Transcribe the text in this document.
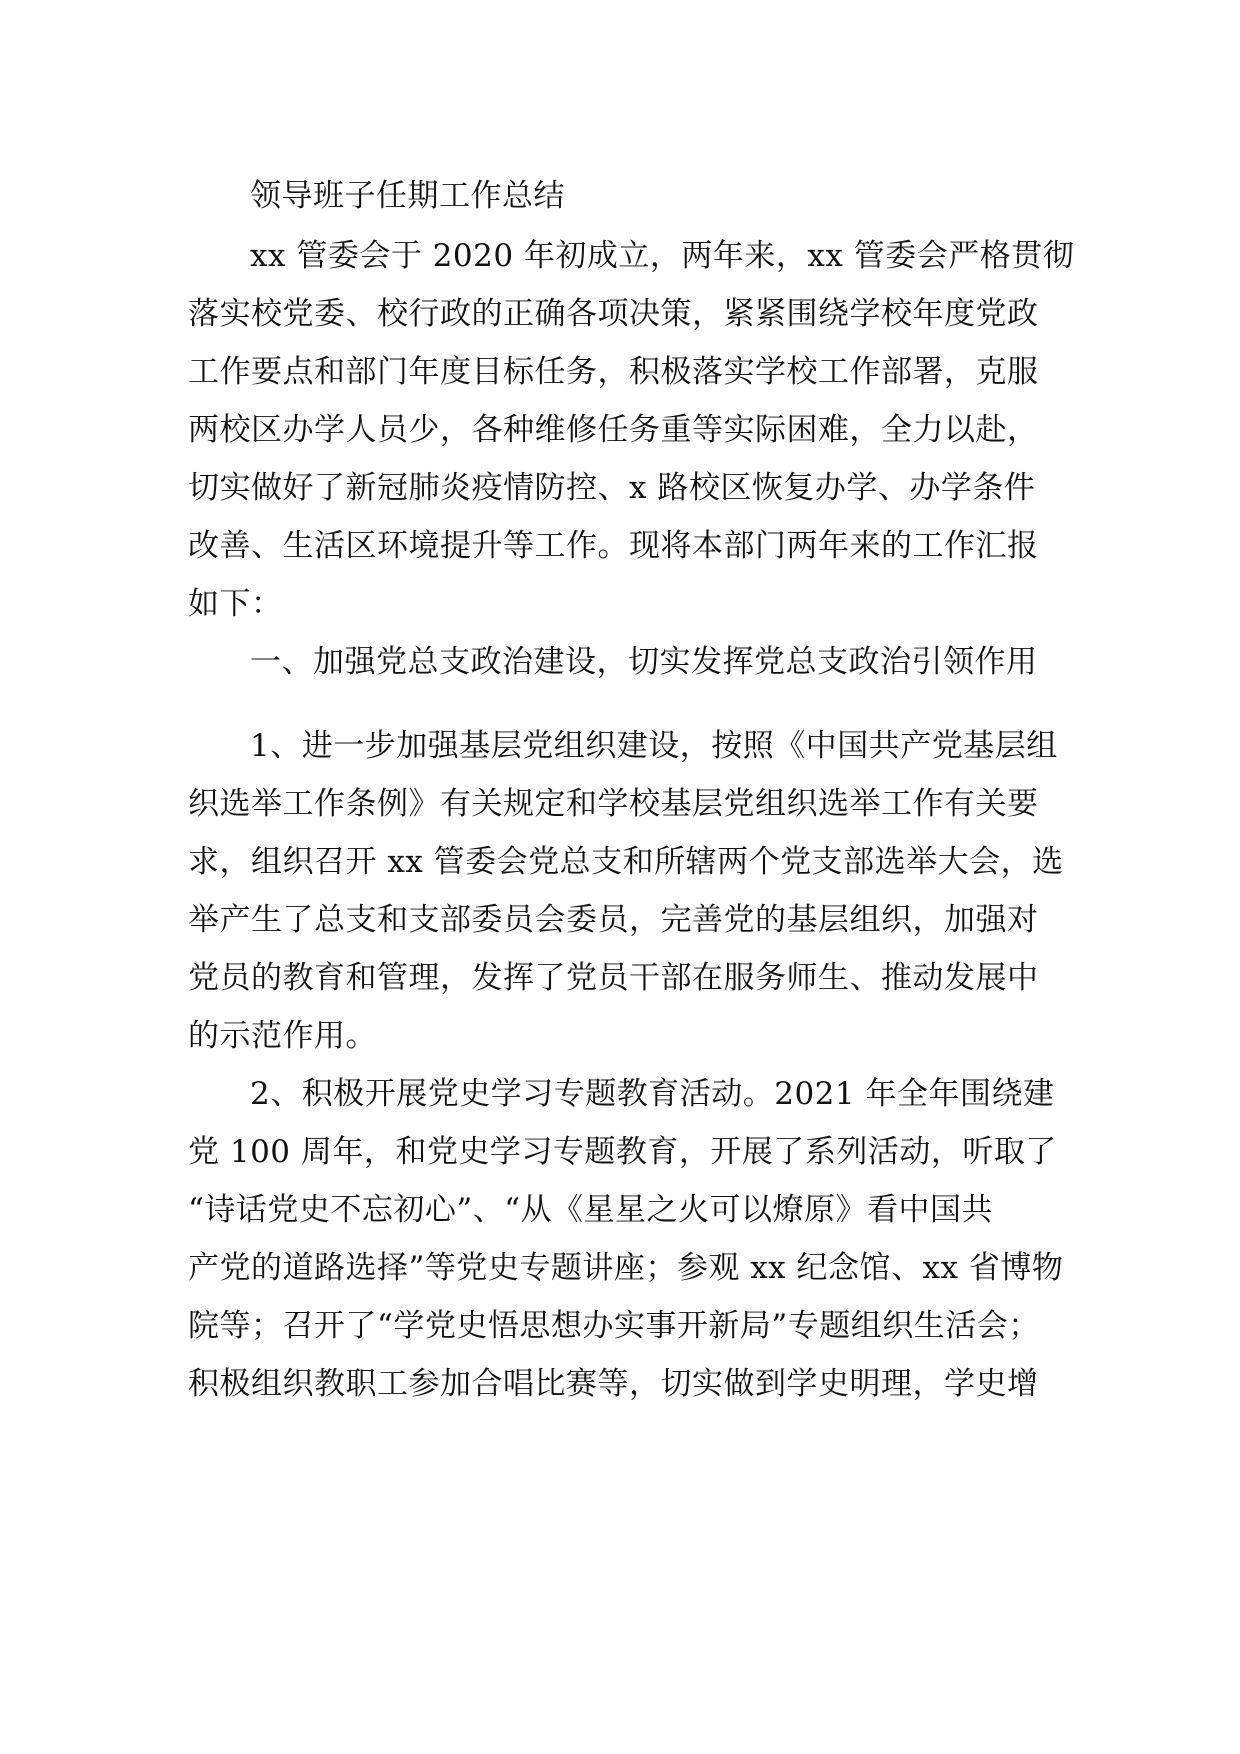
领导班子任期工作总结
xx 管委会于 2020 年初成立，两年来，xx 管委会严格贯彻
落实校党委、校行政的正确各项决策，紧紧围绕学校年度党政
工作要点和部门年度目标任务，积极落实学校工作部署，克服
两校区办学人员少，各种维修任务重等实际困难，全力以赴，
切实做好了新冠肺炎疫情防控、x 路校区恢复办学、办学条件
改善、生活区环境提升等工作。现将本部门两年来的工作汇报
如下：
一、加强党总支政治建设，切实发挥党总支政治引领作用
1、进一步加强基层党组织建设，按照《中国共产党基层组
织选举工作条例》有关规定和学校基层党组织选举工作有关要
求，组织召开 xx 管委会党总支和所辖两个党支部选举大会，选
举产生了总支和支部委员会委员，完善党的基层组织，加强对
党员的教育和管理，发挥了党员干部在服务师生、推动发展中
的示范作用。
2、积极开展党史学习专题教育活动。2021 年全年围绕建
党 100 周年，和党史学习专题教育，开展了系列活动，听取了
“诗话党史不忘初心”、“从《星星之火可以燎原》看中国共
产党的道路选择”等党史专题讲座；参观 xx 纪念馆、xx 省博物
院等；召开了“学党史悟思想办实事开新局”专题组织生活会；
积极组织教职工参加合唱比赛等，切实做到学史明理，学史增
